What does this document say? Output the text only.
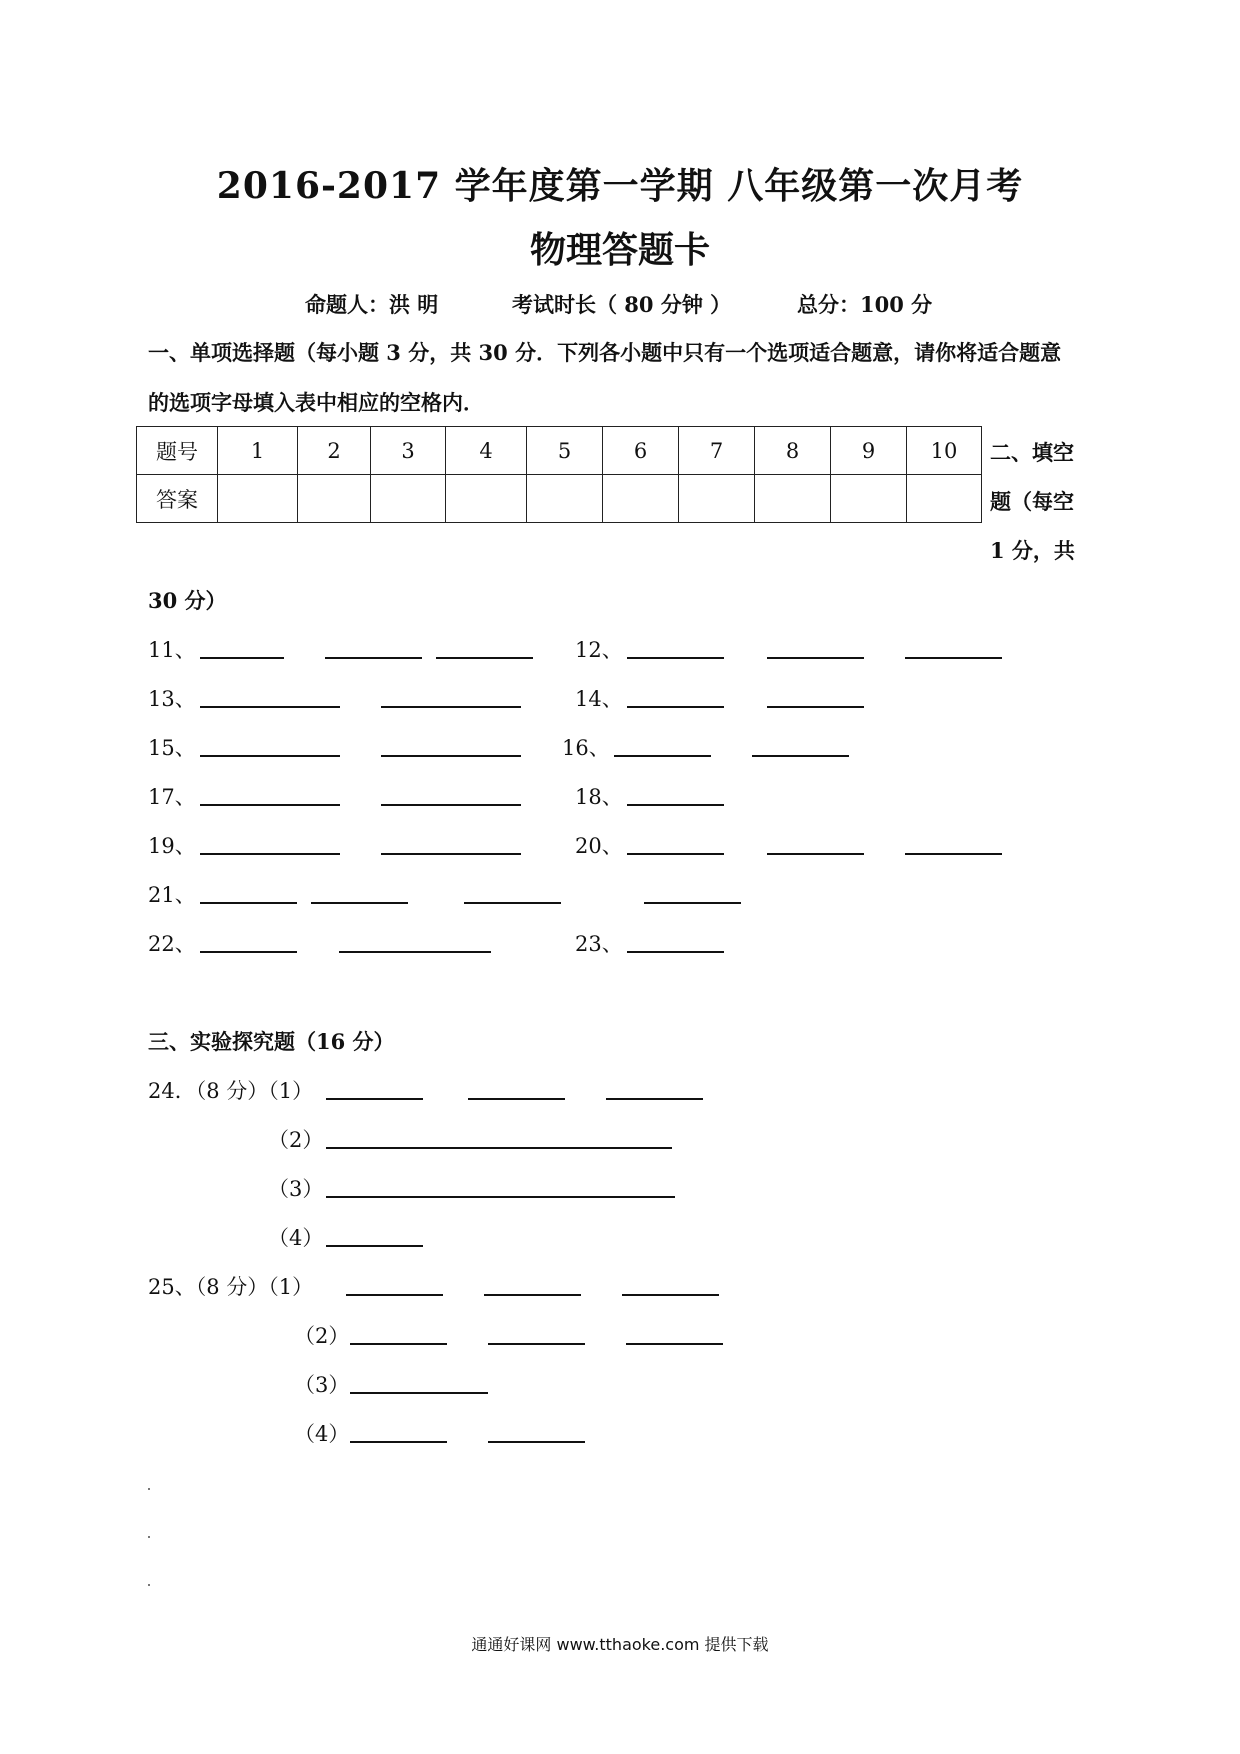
2016-2017 学年度第一学期 八年级第一次月考
物理答题卡
命题人：洪 明	考试时长（ 80 分钟 ）	总分：100 分
一、单项选择题（每小题 3 分，共 30 分．下列各小题中只有一个选项适合题意，请你将适合题意
的选项字母填入表中相应的空格内．
题号	1	2	3	4	5	6	7	8	9	10
答案										
二、填空
题（每空
1 分，共
30 分）
11、	12、
13、	14、
15、	16、
17、	18、
19、	20、
21、
22、	23、
三、实验探究题（16 分）
24．（8 分）（1）
（2）
（3）
（4）
25、（8 分）（1）
（2）
（3）
（4）
通通好课网 www.tthaoke.com 提供下载
